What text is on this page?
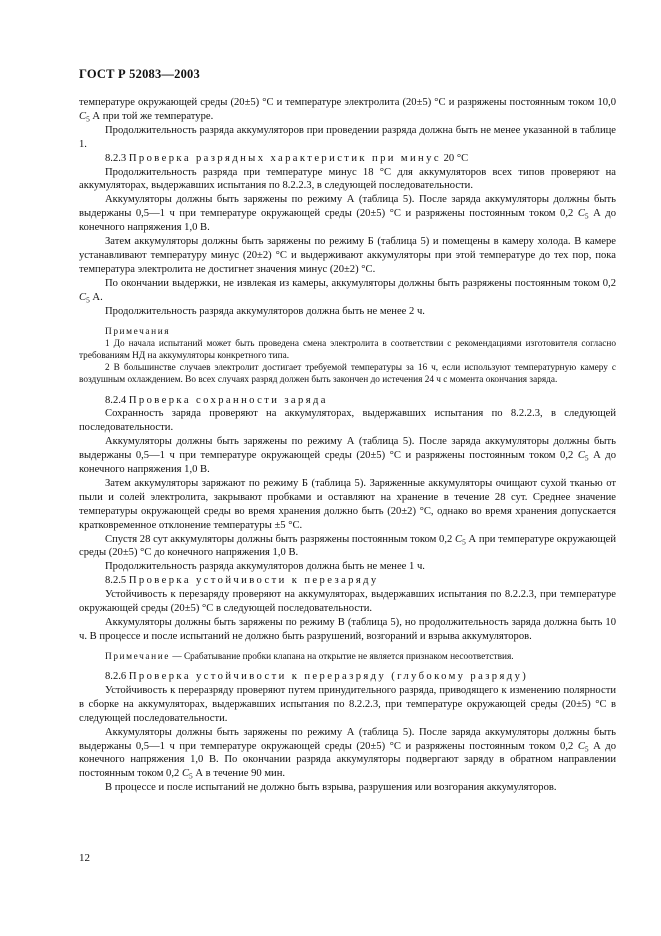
ГОСТ Р 52083—2003

температуре окружающей среды (20±5) °С и температуре электролита (20±5) °С и разряжены постоянным током 10,0 $С_5$ А при той же температуре.

Продолжительность разряда аккумуляторов при проведении разряда должна быть не менее указанной в таблице 1.

8.2.3 Проверка разрядных характеристик при минус 20 °С

Продолжительность разряда при температуре минус 18 °С для аккумуляторов всех типов проверяют на аккумуляторах, выдержавших испытания по 8.2.2.3, в следующей последовательности.

Аккумуляторы должны быть заряжены по режиму А (таблица 5). После заряда аккумуляторы должны быть выдержаны 0,5—1 ч при температуре окружающей среды (20±5) °С и разряжены постоянным током 0,2 $С_5$ А до конечного напряжения 1,0 В.

Затем аккумуляторы должны быть заряжены по режиму Б (таблица 5) и помещены в камеру холода. В камере устанавливают температуру минус (20±2) °С и выдерживают аккумуляторы при этой температуре до тех пор, пока температура электролита не достигнет значения минус (20±2) °С.

По окончании выдержки, не извлекая из камеры, аккумуляторы должны быть разряжены постоянным током 0,2 $С_5$ А.

Продолжительность разряда аккумуляторов должна быть не менее 2 ч.

Примечания

1 До начала испытаний может быть проведена смена электролита в соответствии с рекомендациями изготовителя согласно требованиям НД на аккумуляторы конкретного типа.

2 В большинстве случаев электролит достигает требуемой температуры за 16 ч, если используют температурную камеру с воздушным охлаждением. Во всех случаях разряд должен быть закончен до истечения 24 ч с момента окончания заряда.

8.2.4 Проверка сохранности заряда

Сохранность заряда проверяют на аккумуляторах, выдержавших испытания по 8.2.2.3, в следующей последовательности.

Аккумуляторы должны быть заряжены по режиму А (таблица 5). После заряда аккумуляторы должны быть выдержаны 0,5—1 ч при температуре окружающей среды (20±5) °С и разряжены постоянным током 0,2 $С_5$ А до конечного напряжения 1,0 В.

Затем аккумуляторы заряжают по режиму Б (таблица 5). Заряженные аккумуляторы очищают сухой тканью от пыли и солей электролита, закрывают пробками и оставляют на хранение в течение 28 сут. Среднее значение температуры окружающей среды во время хранения должно быть (20±2) °С, однако во время хранения допускается кратковременное отклонение температуры ±5 °С.

Спустя 28 сут аккумуляторы должны быть разряжены постоянным током 0,2 $С_5$ А при температуре окружающей среды (20±5) °С до конечного напряжения 1,0 В.

Продолжительность разряда аккумуляторов должна быть не менее 1 ч.

8.2.5 Проверка устойчивости к перезаряду

Устойчивость к перезаряду проверяют на аккумуляторах, выдержавших испытания по 8.2.2.3, при температуре окружающей среды (20±5) °С в следующей последовательности.

Аккумуляторы должны быть заряжены по режиму В (таблица 5), но продолжительность заряда должна быть 10 ч. В процессе и после испытаний не должно быть разрушений, возгораний и взрыва аккумуляторов.

Примечание — Срабатывание пробки клапана на открытие не является признаком несоответствия.

8.2.6 Проверка устойчивости к переразряду (глубокому разряду)

Устойчивость к переразряду проверяют путем принудительного разряда, приводящего к изменению полярности в сборке на аккумуляторах, выдержавших испытания по 8.2.2.3, при температуре окружающей среды (20±5) °С в следующей последовательности.

Аккумуляторы должны быть заряжены по режиму А (таблица 5). После заряда аккумуляторы должны быть выдержаны 0,5—1 ч при температуре окружающей среды (20±5) °С и разряжены постоянным током 0,2 $С_5$ А до конечного напряжения 1,0 В. По окончании разряда аккумуляторы подвергают заряду в обратном направлении постоянным током 0,2 $С_5$ А в течение 90 мин.

В процессе и после испытаний не должно быть взрыва, разрушения или возгорания аккумуляторов.

12
